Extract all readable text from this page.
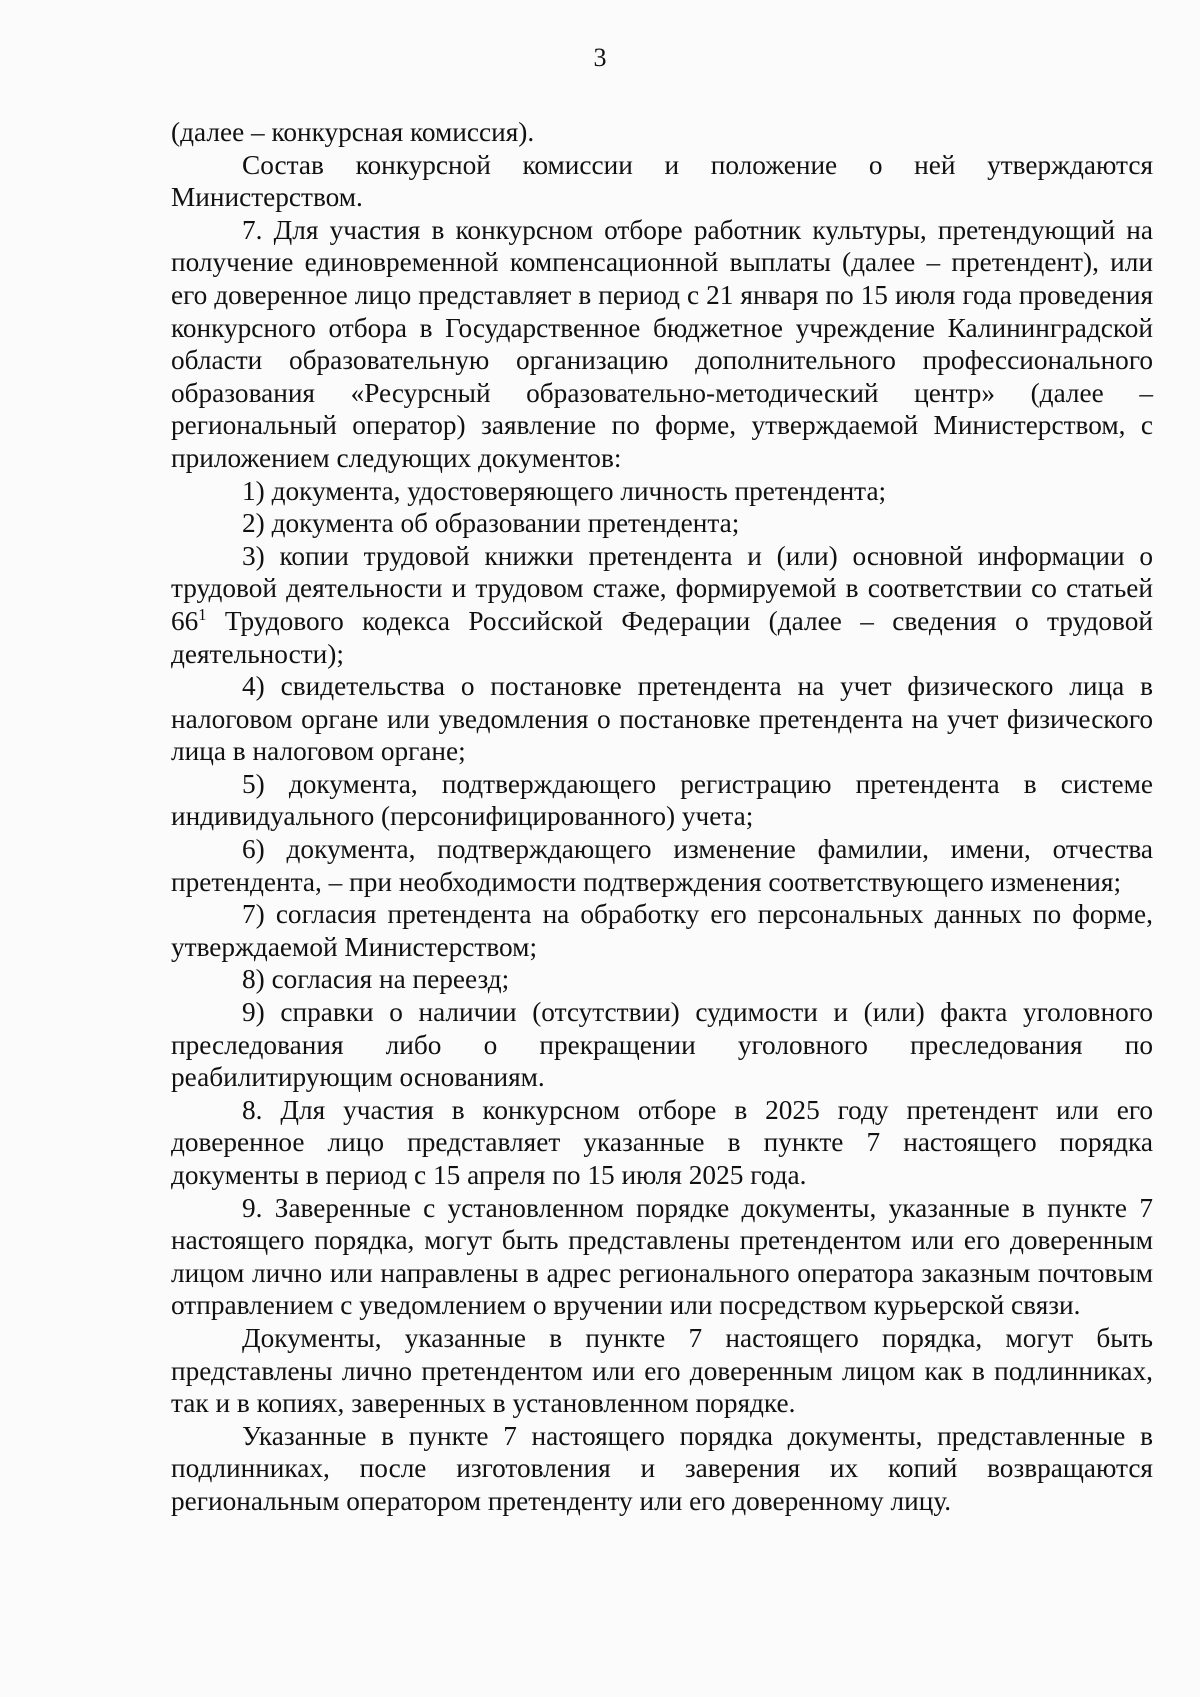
3

(далее – конкурсная комиссия).

Состав конкурсной комиссии и положение о ней утверждаются Министерством.

7. Для участия в конкурсном отборе работник культуры, претендующий на получение единовременной компенсационной выплаты (далее – претендент), или его доверенное лицо представляет в период с 21 января по 15 июля года проведения конкурсного отбора в Государственное бюджетное учреждение Калининградской области образовательную организацию дополнительного профессионального образования «Ресурсный образовательно-методический центр» (далее – региональный оператор) заявление по форме, утверждаемой Министерством, с приложением следующих документов:

1) документа, удостоверяющего личность претендента;

2) документа об образовании претендента;

3) копии трудовой книжки претендента и (или) основной информации о трудовой деятельности и трудовом стаже, формируемой в соответствии со статьей $66^1$ Трудового кодекса Российской Федерации (далее – сведения о трудовой деятельности);

4) свидетельства о постановке претендента на учет физического лица в налоговом органе или уведомления о постановке претендента на учет физического лица в налоговом органе;

5) документа, подтверждающего регистрацию претендента в системе индивидуального (персонифицированного) учета;

6) документа, подтверждающего изменение фамилии, имени, отчества претендента, – при необходимости подтверждения соответствующего изменения;

7) согласия претендента на обработку его персональных данных по форме, утверждаемой Министерством;

8) согласия на переезд;

9) справки о наличии (отсутствии) судимости и (или) факта уголовного преследования либо о прекращении уголовного преследования по реабилитирующим основаниям.

8. Для участия в конкурсном отборе в 2025 году претендент или его доверенное лицо представляет указанные в пункте 7 настоящего порядка документы в период с 15 апреля по 15 июля 2025 года.

9. Заверенные с установленном порядке документы, указанные в пункте 7 настоящего порядка, могут быть представлены претендентом или его доверенным лицом лично или направлены в адрес регионального оператора заказным почтовым отправлением с уведомлением о вручении или посредством курьерской связи.

Документы, указанные в пункте 7 настоящего порядка, могут быть представлены лично претендентом или его доверенным лицом как в подлинниках, так и в копиях, заверенных в установленном порядке.

Указанные в пункте 7 настоящего порядка документы, представленные в подлинниках, после изготовления и заверения их копий возвращаются региональным оператором претенденту или его доверенному лицу.
